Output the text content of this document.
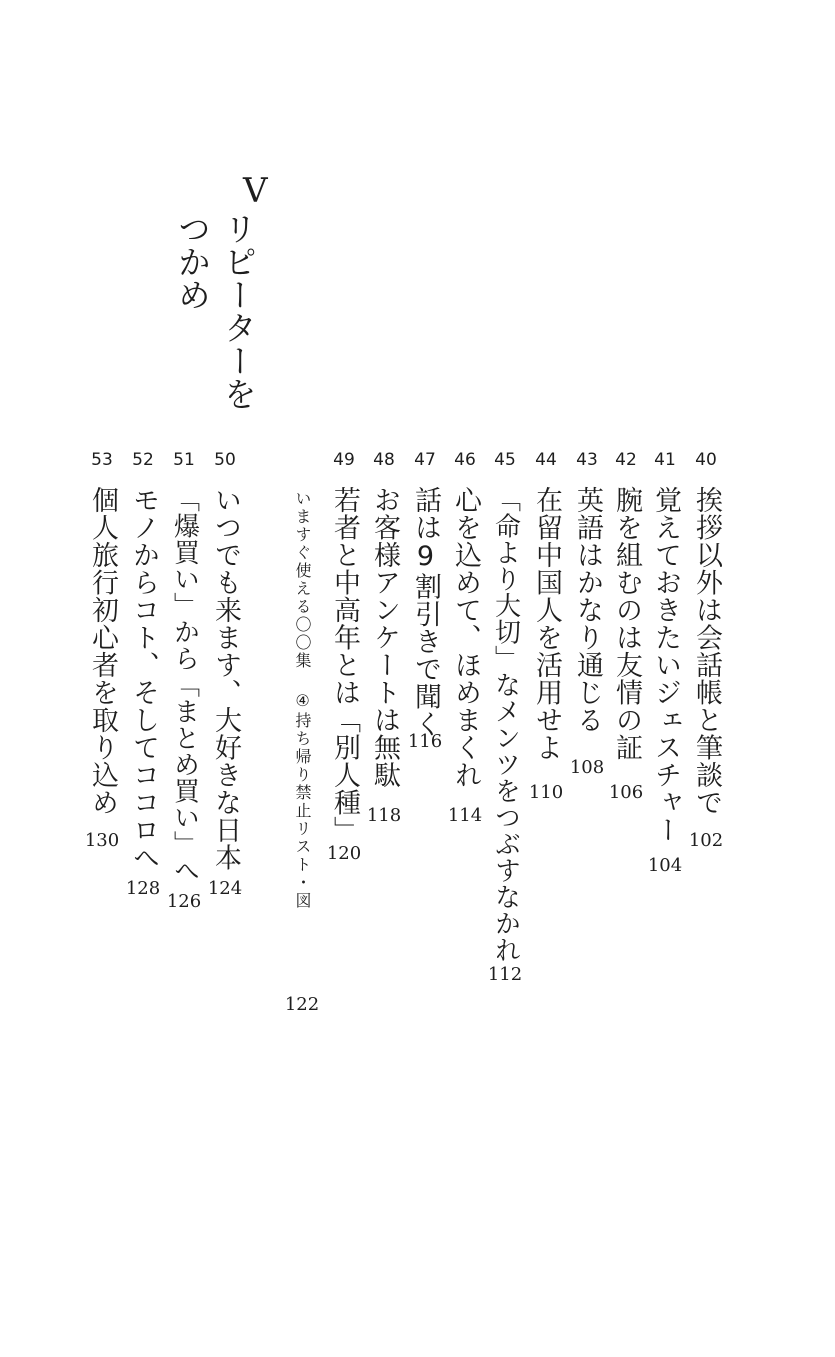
V
リピーターを
つかめ
40
挨拶以外は会話帳と筆談で
102
41
覚えておきたいジェスチャー
104
42
腕を組むのは友情の証
106
43
英語はかなり通じる
108
44
在留中国人を活用せよ
110
45
「命より大切」なメンツをつぶすなかれ
112
46
心を込めて、ほめまくれ
114
47
話は9割引きで聞く
116
48
お客様アンケートは無駄
118
49
若者と中高年とは「別人種」
120
いますぐ使える〇〇集 ④持ち帰り禁止リスト・図
122
50
いつでも来ます、大好きな日本
124
51
「爆買い」から「まとめ買い」へ
126
52
モノからコト、そしてココロへ
128
53
個人旅行初心者を取り込め
130
